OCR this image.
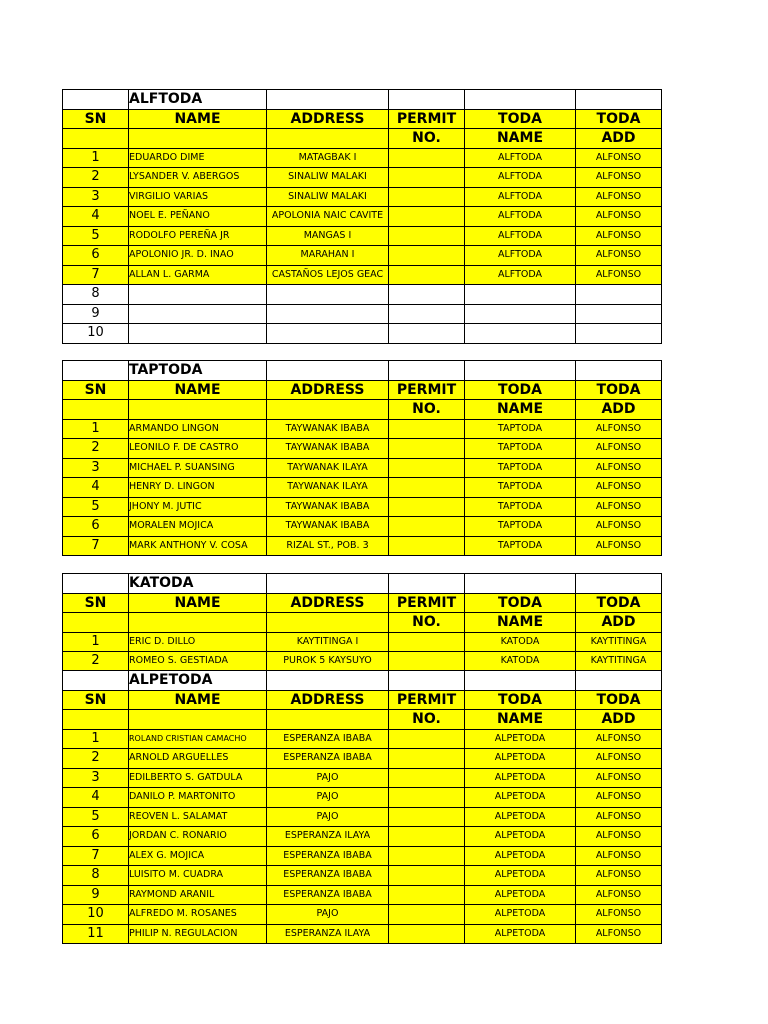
	ALFTODA				
SN	NAME	ADDRESS	PERMIT	TODA	TODA
			NO.	NAME	ADD
1	EDUARDO DIME	MATAGBAK I		ALFTODA	ALFONSO
2	LYSANDER V. ABERGOS	SINALIW MALAKI		ALFTODA	ALFONSO
3	VIRGILIO VARIAS	SINALIW MALAKI		ALFTODA	ALFONSO
4	NOEL E. PEÑANO	APOLONIA NAIC CAVITE		ALFTODA	ALFONSO
5	RODOLFO PEREÑA JR	MANGAS I		ALFTODA	ALFONSO
6	APOLONIO JR. D. INAO	MARAHAN I		ALFTODA	ALFONSO
7	ALLAN L. GARMA	CASTAÑOS LEJOS GEAC		ALFTODA	ALFONSO
8					
9					
10					
	TAPTODA				
SN	NAME	ADDRESS	PERMIT	TODA	TODA
			NO.	NAME	ADD
1	ARMANDO LINGON	TAYWANAK IBABA		TAPTODA	ALFONSO
2	LEONILO F. DE CASTRO	TAYWANAK IBABA		TAPTODA	ALFONSO
3	MICHAEL P. SUANSING	TAYWANAK ILAYA		TAPTODA	ALFONSO
4	HENRY D. LINGON	TAYWANAK ILAYA		TAPTODA	ALFONSO
5	JHONY M. JUTIC	TAYWANAK IBABA		TAPTODA	ALFONSO
6	MORALEN MOJICA	TAYWANAK IBABA		TAPTODA	ALFONSO
7	MARK ANTHONY V. COSA	RIZAL ST., POB. 3		TAPTODA	ALFONSO
	KATODA				
SN	NAME	ADDRESS	PERMIT	TODA	TODA
			NO.	NAME	ADD
1	ERIC D. DILLO	KAYTITINGA I		KATODA	KAYTITINGA
2	ROMEO S. GESTIADA	PUROK 5 KAYSUYO		KATODA	KAYTITINGA
	ALPETODA				
SN	NAME	ADDRESS	PERMIT	TODA	TODA
			NO.	NAME	ADD
1	ROLAND CRISTIAN CAMACHO	ESPERANZA IBABA		ALPETODA	ALFONSO
2	ARNOLD ARGUELLES	ESPERANZA IBABA		ALPETODA	ALFONSO
3	EDILBERTO S. GATDULA	PAJO		ALPETODA	ALFONSO
4	DANILO P. MARTONITO	PAJO		ALPETODA	ALFONSO
5	REOVEN L. SALAMAT	PAJO		ALPETODA	ALFONSO
6	JORDAN C. RONARIO	ESPERANZA ILAYA		ALPETODA	ALFONSO
7	ALEX G. MOJICA	ESPERANZA IBABA		ALPETODA	ALFONSO
8	LUISITO M. CUADRA	ESPERANZA IBABA		ALPETODA	ALFONSO
9	RAYMOND ARANIL	ESPERANZA IBABA		ALPETODA	ALFONSO
10	ALFREDO M. ROSANES	PAJO		ALPETODA	ALFONSO
11	PHILIP N. REGULACION	ESPERANZA ILAYA		ALPETODA	ALFONSO
